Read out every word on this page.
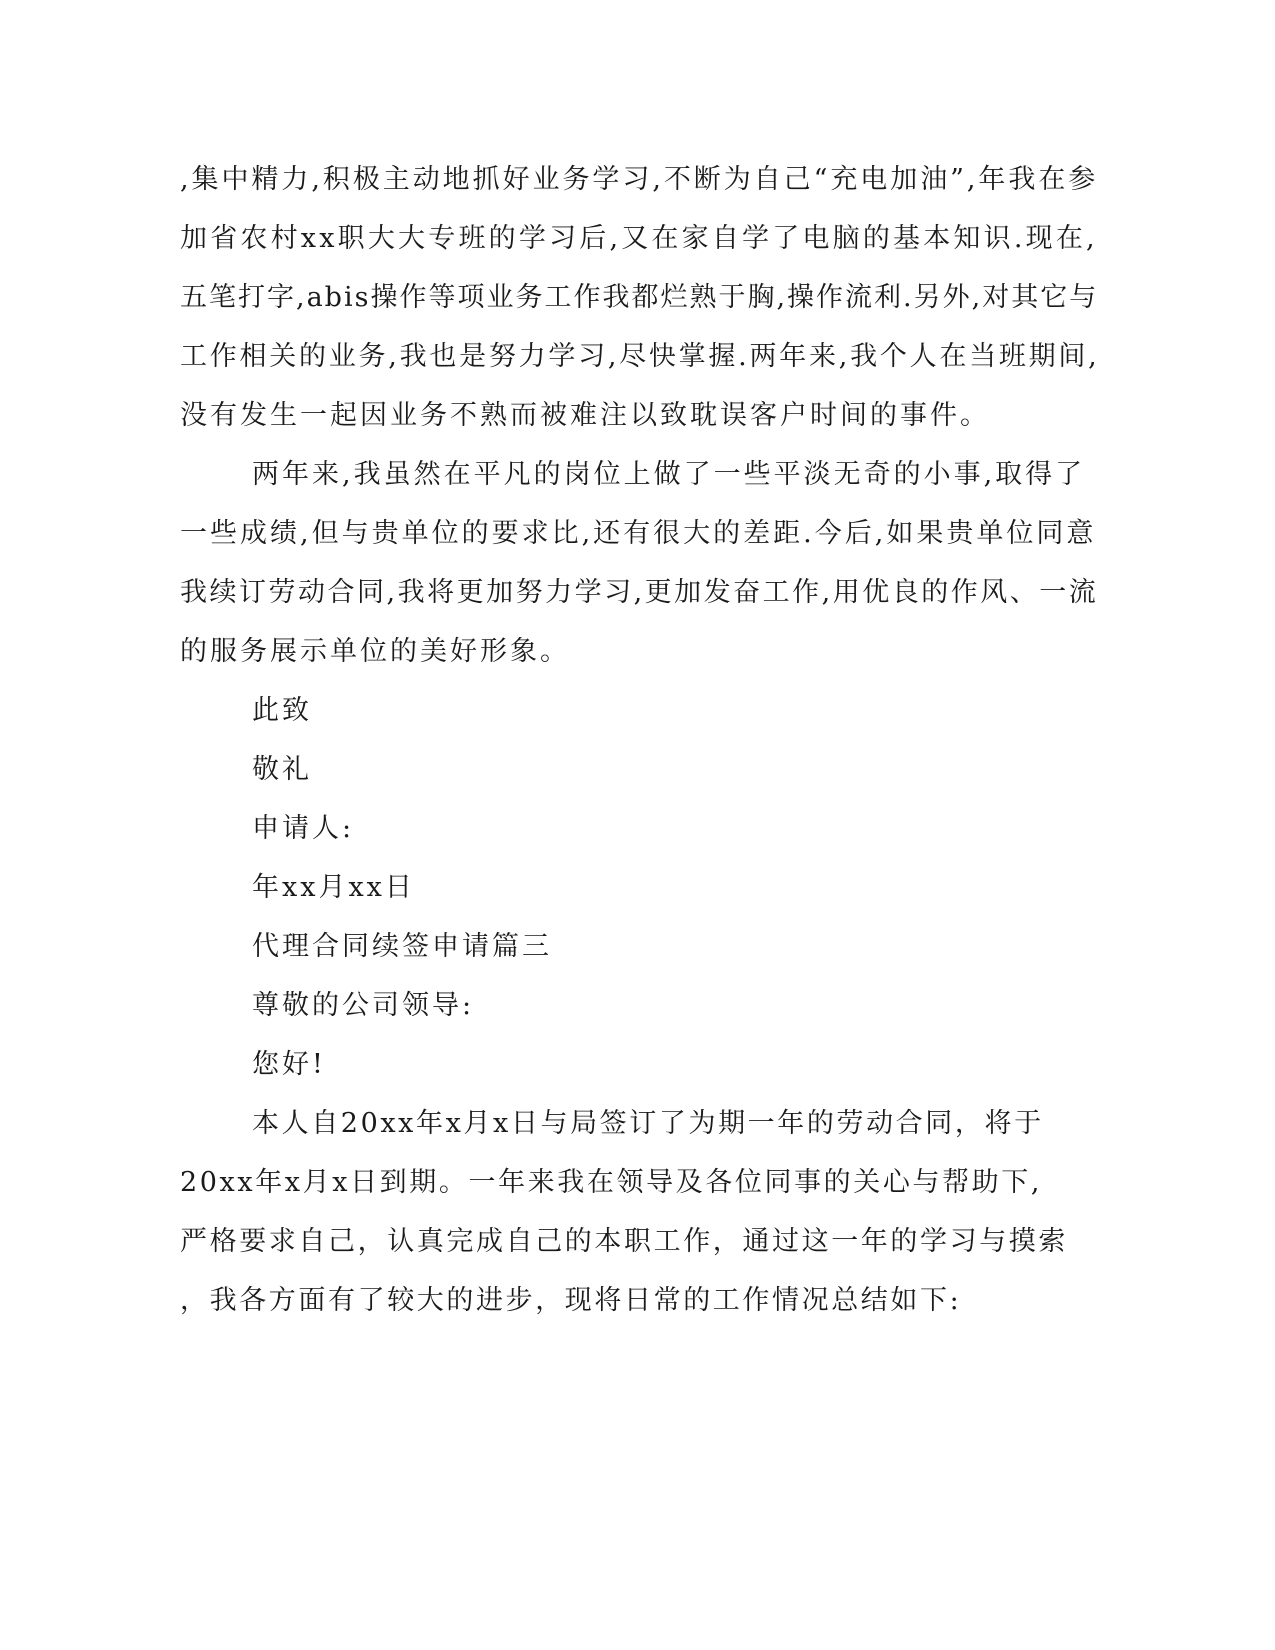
,集中精力,积极主动地抓好业务学习,不断为自己“充电加油”,年我在参
加省农村xx职大大专班的学习后,又在家自学了电脑的基本知识.现在,
五笔打字,abis操作等项业务工作我都烂熟于胸,操作流利.另外,对其它与
工作相关的业务,我也是努力学习,尽快掌握.两年来,我个人在当班期间,
没有发生一起因业务不熟而被难注以致耽误客户时间的事件。
两年来,我虽然在平凡的岗位上做了一些平淡无奇的小事,取得了
一些成绩,但与贵单位的要求比,还有很大的差距.今后,如果贵单位同意
我续订劳动合同,我将更加努力学习,更加发奋工作,用优良的作风、一流
的服务展示单位的美好形象。
此致
敬礼
申请人:
年xx月xx日
代理合同续签申请篇三
尊敬的公司领导:
您好!
本人自20xx年x月x日与局签订了为期一年的劳动合同，将于
20xx年x月x日到期。一年来我在领导及各位同事的关心与帮助下,
严格要求自己，认真完成自己的本职工作，通过这一年的学习与摸索
，我各方面有了较大的进步，现将日常的工作情况总结如下:
